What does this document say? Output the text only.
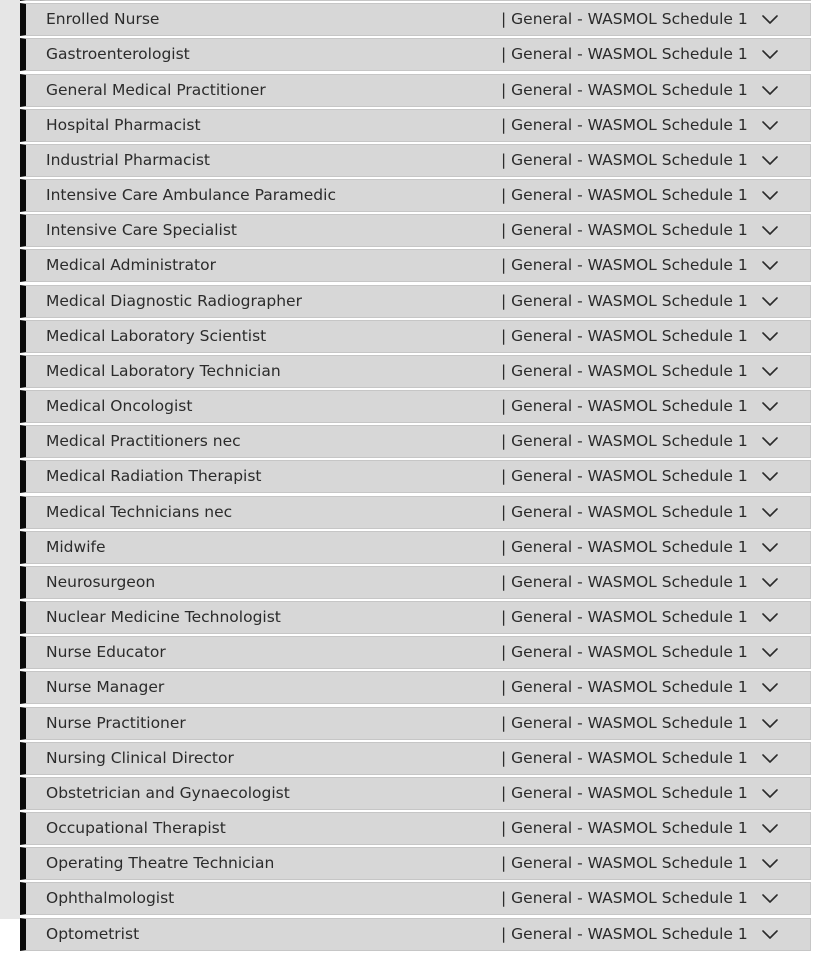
Enrolled Nurse	| General - WASMOL Schedule 1
Gastroenterologist	| General - WASMOL Schedule 1
General Medical Practitioner	| General - WASMOL Schedule 1
Hospital Pharmacist	| General - WASMOL Schedule 1
Industrial Pharmacist	| General - WASMOL Schedule 1
Intensive Care Ambulance Paramedic	| General - WASMOL Schedule 1
Intensive Care Specialist	| General - WASMOL Schedule 1
Medical Administrator	| General - WASMOL Schedule 1
Medical Diagnostic Radiographer	| General - WASMOL Schedule 1
Medical Laboratory Scientist	| General - WASMOL Schedule 1
Medical Laboratory Technician	| General - WASMOL Schedule 1
Medical Oncologist	| General - WASMOL Schedule 1
Medical Practitioners nec	| General - WASMOL Schedule 1
Medical Radiation Therapist	| General - WASMOL Schedule 1
Medical Technicians nec	| General - WASMOL Schedule 1
Midwife	| General - WASMOL Schedule 1
Neurosurgeon	| General - WASMOL Schedule 1
Nuclear Medicine Technologist	| General - WASMOL Schedule 1
Nurse Educator	| General - WASMOL Schedule 1
Nurse Manager	| General - WASMOL Schedule 1
Nurse Practitioner	| General - WASMOL Schedule 1
Nursing Clinical Director	| General - WASMOL Schedule 1
Obstetrician and Gynaecologist	| General - WASMOL Schedule 1
Occupational Therapist	| General - WASMOL Schedule 1
Operating Theatre Technician	| General - WASMOL Schedule 1
Ophthalmologist	| General - WASMOL Schedule 1
Optometrist	| General - WASMOL Schedule 1
